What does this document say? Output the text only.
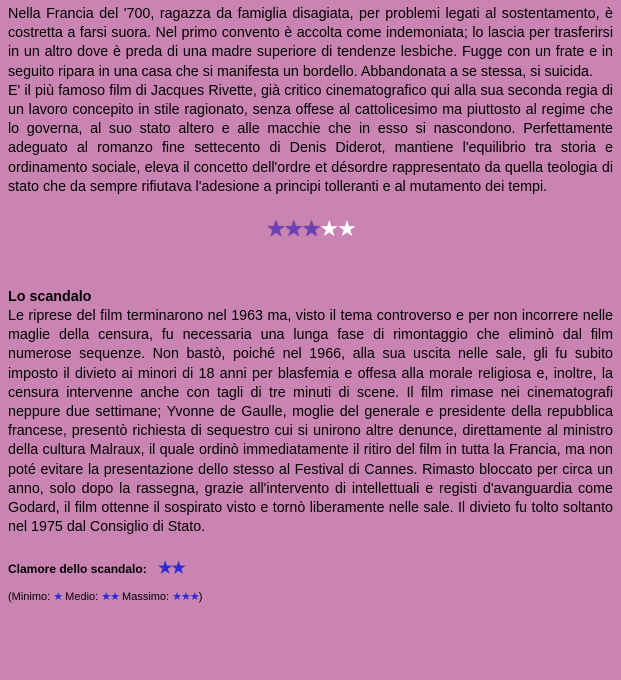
Nella Francia del '700, ragazza da famiglia disagiata, per problemi legati al sostentamento, è costretta a farsi suora. Nel primo convento è accolta come indemoniata; lo lascia per trasferirsi in un altro dove è preda di una madre superiore di tendenze lesbiche. Fugge con un frate e in seguito ripara in una casa che si manifesta un bordello. Abbandonata a se stessa, si suicida.

E' il più famoso film di Jacques Rivette, già critico cinematografico qui alla sua seconda regia di un lavoro concepito in stile ragionato, senza offese al cattolicesimo ma piuttosto al regime che lo governa, al suo stato altero e alle macchie che in esso si nascondono. Perfettamente adeguato al romanzo fine settecento di Denis Diderot, mantiene l'equilibrio tra storia e ordinamento sociale, eleva il concetto dell'ordre et désordre rappresentato da quella teologia di stato che da sempre rifiutava l'adesione a principi tolleranti e al mutamento dei tempi.

★★★★★
Lo scandalo

Le riprese del film terminarono nel 1963 ma, visto il tema controverso e per non incorrere nelle maglie della censura, fu necessaria una lunga fase di rimontaggio che eliminò dal film numerose sequenze. Non bastò, poiché nel 1966, alla sua uscita nelle sale, gli fu subito imposto il divieto ai minori di 18 anni per blasfemia e offesa alla morale religiosa e, inoltre, la censura intervenne anche con tagli di tre minuti di scene. Il film rimase nei cinematografi neppure due settimane; Yvonne de Gaulle, moglie del generale e presidente della repubblica francese, presentò richiesta di sequestro cui si unirono altre denunce, direttamente al ministro della cultura Malraux, il quale ordinò immediatamente il ritiro del film in tutta la Francia, ma non poté evitare la presentazione dello stesso al Festival di Cannes. Rimasto bloccato per circa un anno, solo dopo la rassegna, grazie all'intervento di intellettuali e registi d'avanguardia come Godard, il film ottenne il sospirato visto e tornò liberamente nelle sale. Il divieto fu tolto soltanto nel 1975 dal Consiglio di Stato.

Clamore dello scandalo: ★★
(Minimo: ★ Medio: ★★ Massimo: ★★★)
